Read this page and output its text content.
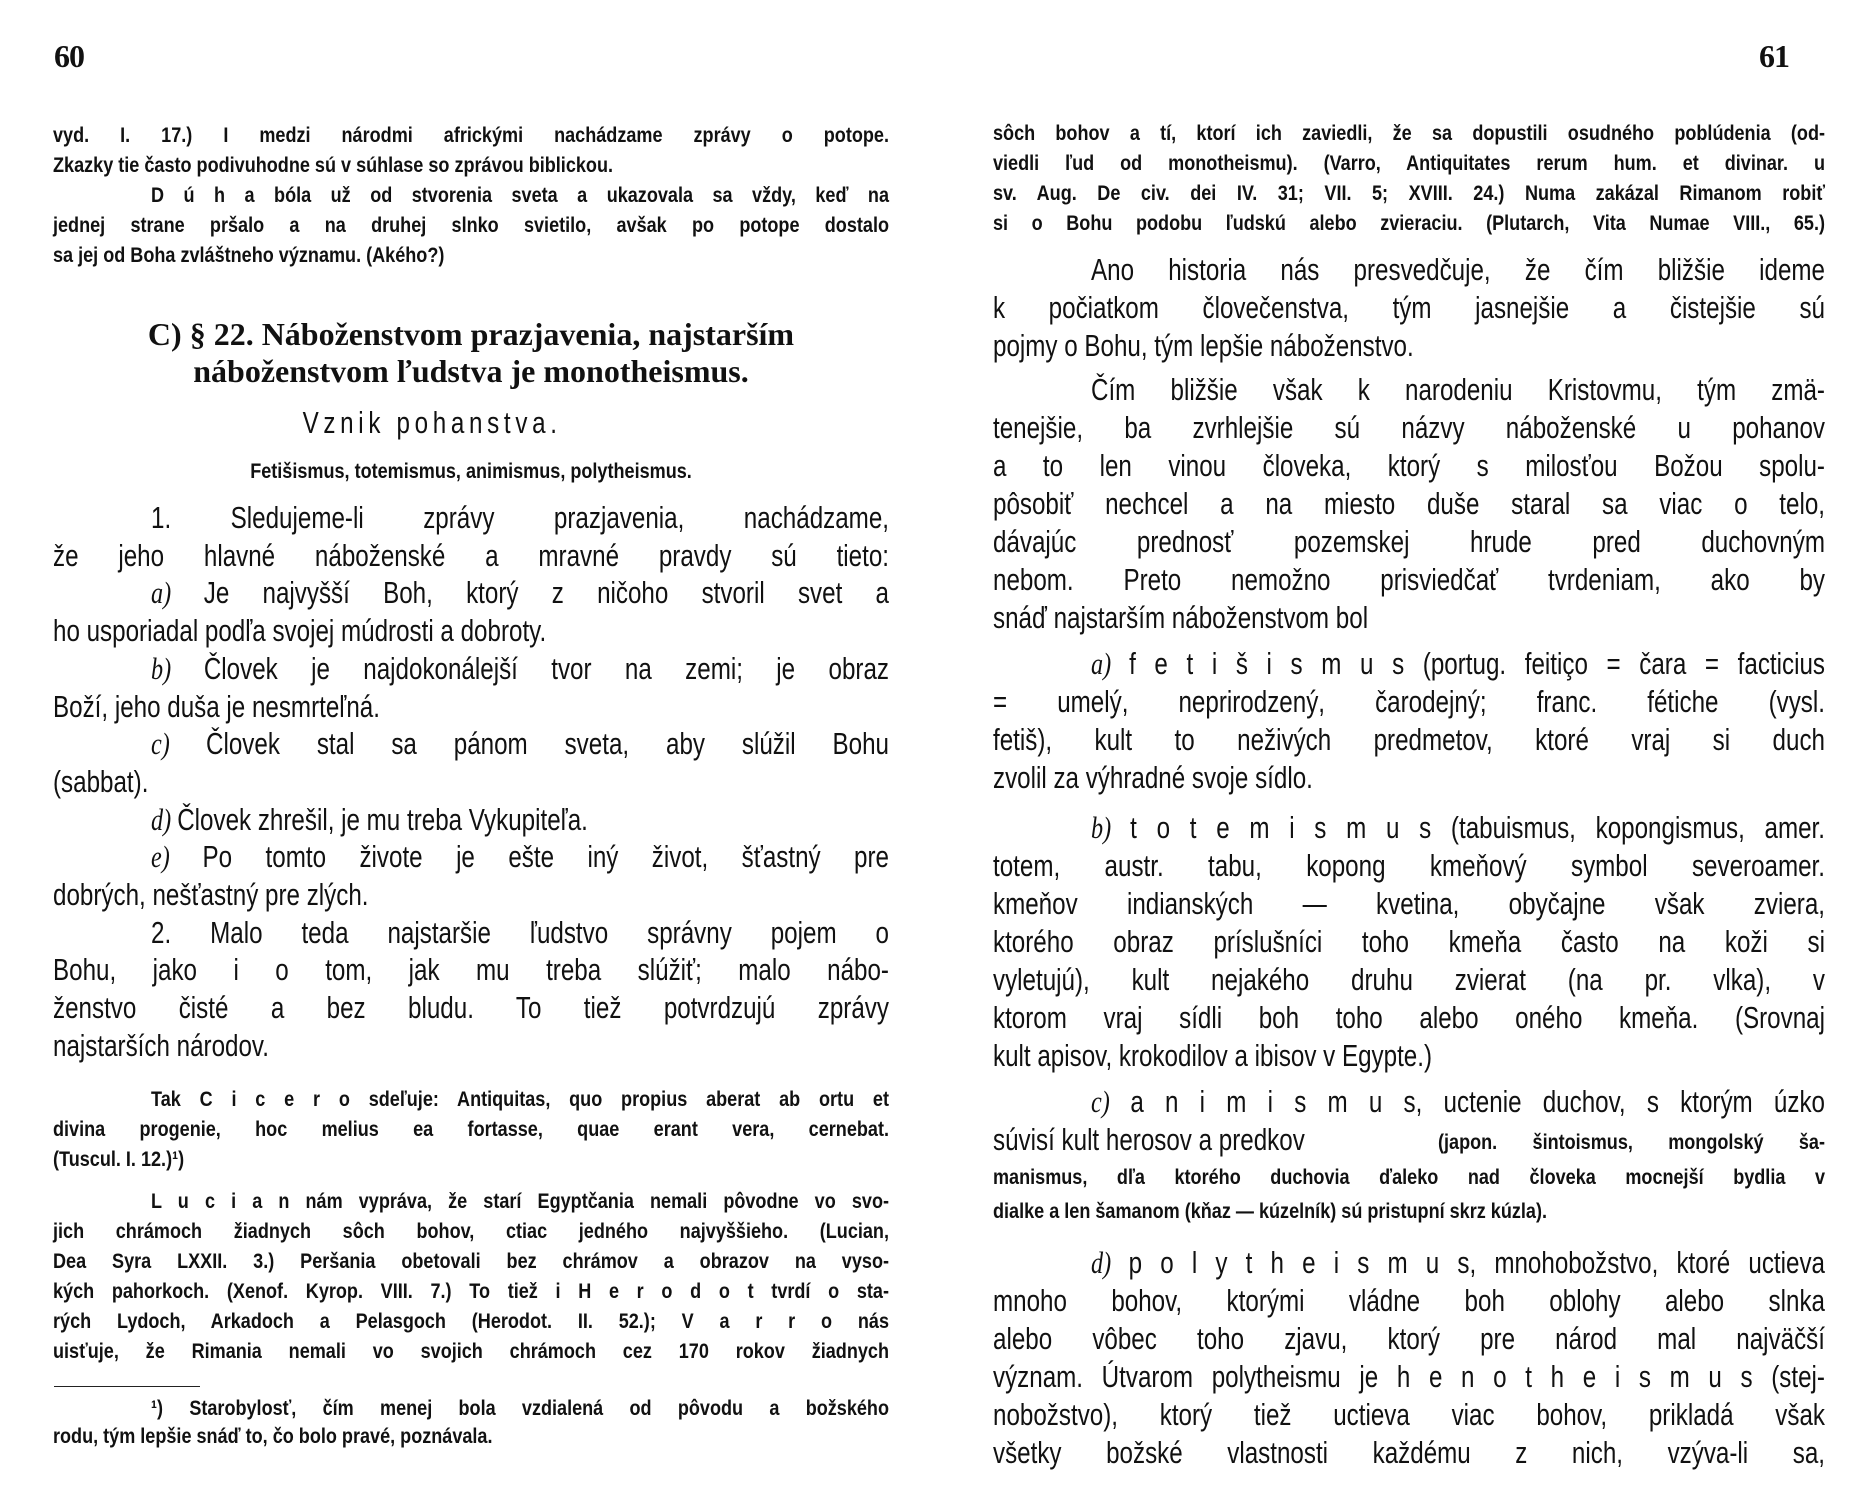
60
vyd. I. 17.) I medzi národmi africkými nachádzame zprávy o potope.
Zkazky tie často podivuhodne sú v súhlase so zprávou biblickou.
D ú h a bóla už od stvorenia sveta a ukazovala sa vždy, keď na
jednej strane pršalo a na druhej slnko svietilo, avšak po potope dostalo
sa jej od Boha zvláštneho významu. (Akého?)
C) § 22. Náboženstvom prazjavenia, najstarším
náboženstvom ľudstva je monotheismus.
Vznik pohanstva.
Fetišismus, totemismus, animismus, polytheismus.
1. Sledujeme-li zprávy prazjavenia, nachádzame,
že jeho hlavné náboženské a mravné pravdy sú tieto:
a) Je najvyšší Boh, ktorý z ničoho stvoril svet a
ho usporiadal podľa svojej múdrosti a dobroty.
b) Človek je najdokonálejší tvor na zemi; je obraz
Boží, jeho duša je nesmrteľná.
c) Človek stal sa pánom sveta, aby slúžil Bohu
(sabbat).
d) Človek zhrešil, je mu treba Vykupiteľa.
e) Po tomto živote je ešte iný život, šťastný pre
dobrých, nešťastný pre zlých.
2. Malo teda najstaršie ľudstvo správny pojem o
Bohu, jako i o tom, jak mu treba slúžiť; malo nábo-
ženstvo čisté a bez bludu. To tiež potvrdzujú zprávy
najstarších národov.
Tak C i c e r o sdeľuje: Antiquitas, quo propius aberat ab ortu et
divina progenie, hoc melius ea fortasse, quae erant vera, cernebat.
(Tuscul. I. 12.)¹)
L u c i a n nám vypráva, že starí Egyptčania nemali pôvodne vo svo-
jich chrámoch žiadnych sôch bohov, ctiac jedného najvyššieho. (Lucian,
Dea Syra LXXII. 3.) Peršania obetovali bez chrámov a obrazov na vyso-
kých pahorkoch. (Xenof. Kyrop. VIII. 7.) To tiež i H e r o d o t tvrdí o sta-
rých Lydoch, Arkadoch a Pelasgoch (Herodot. II. 52.); V a r r o nás
uisťuje, že Rimania nemali vo svojich chrámoch cez 170 rokov žiadnych
¹) Starobylosť, čím menej bola vzdialená od pôvodu a božského
rodu, tým lepšie snáď to, čo bolo pravé, poznávala.
61
sôch bohov a tí, ktorí ich zaviedli, že sa dopustili osudného poblúdenia (od-
viedli ľud od monotheismu). (Varro, Antiquitates rerum hum. et divinar. u
sv. Aug. De civ. dei IV. 31; VII. 5; XVIII. 24.) Numa zakázal Rimanom robiť
si o Bohu podobu ľudskú alebo zvieraciu. (Plutarch, Vita Numae VIII., 65.)
Ano historia nás presvedčuje, že čím bližšie ideme
k počiatkom človečenstva, tým jasnejšie a čistejšie sú
pojmy o Bohu, tým lepšie náboženstvo.
Čím bližšie však k narodeniu Kristovmu, tým zmä-
tenejšie, ba zvrhlejšie sú názvy náboženské u pohanov
a to len vinou človeka, ktorý s milosťou Božou spolu-
pôsobiť nechcel a na miesto duše staral sa viac o telo,
dávajúc prednosť pozemskej hrude pred duchovným
nebom. Preto nemožno prisviedčať tvrdeniam, ako by
snáď najstarším náboženstvom bol
a) f e t i š i s m u s (portug. feitiço = čara = facticius
= umelý, neprirodzený, čarodejný; franc. fétiche (vysl.
fetiš), kult to neživých predmetov, ktoré vraj si duch
zvolil za výhradné svoje sídlo.
b) t o t e m i s m u s (tabuismus, kopongismus, amer.
totem, austr. tabu, kopong kmeňový symbol severoamer.
kmeňov indianských — kvetina, obyčajne však zviera,
ktorého obraz príslušníci toho kmeňa často na koži si
vyletujú), kult nejakého druhu zvierat (na pr. vlka), v
ktorom vraj sídli boh toho alebo oného kmeňa. (Srovnaj
kult apisov, krokodilov a ibisov v Egypte.)
c) a n i m i s m u s, uctenie duchov, s ktorým úzko
súvisí kult herosov a predkov	(japon. šintoismus, mongolský ša-
manismus, dľa ktorého duchovia ďaleko nad človeka mocnejší bydlia v
dialke a len šamanom (kňaz — kúzelník) sú pristupní skrz kúzla).
d) p o l y t h e i s m u s, mnohobožstvo, ktoré uctieva
mnoho bohov, ktorými vládne boh oblohy alebo slnka
alebo vôbec toho zjavu, ktorý pre národ mal najväčší
význam. Útvarom polytheismu je h e n o t h e i s m u s (stej-
nobožstvo), ktorý tiež uctieva viac bohov, prikladá však
všetky božské vlastnosti každému z nich, vzýva-li sa,
